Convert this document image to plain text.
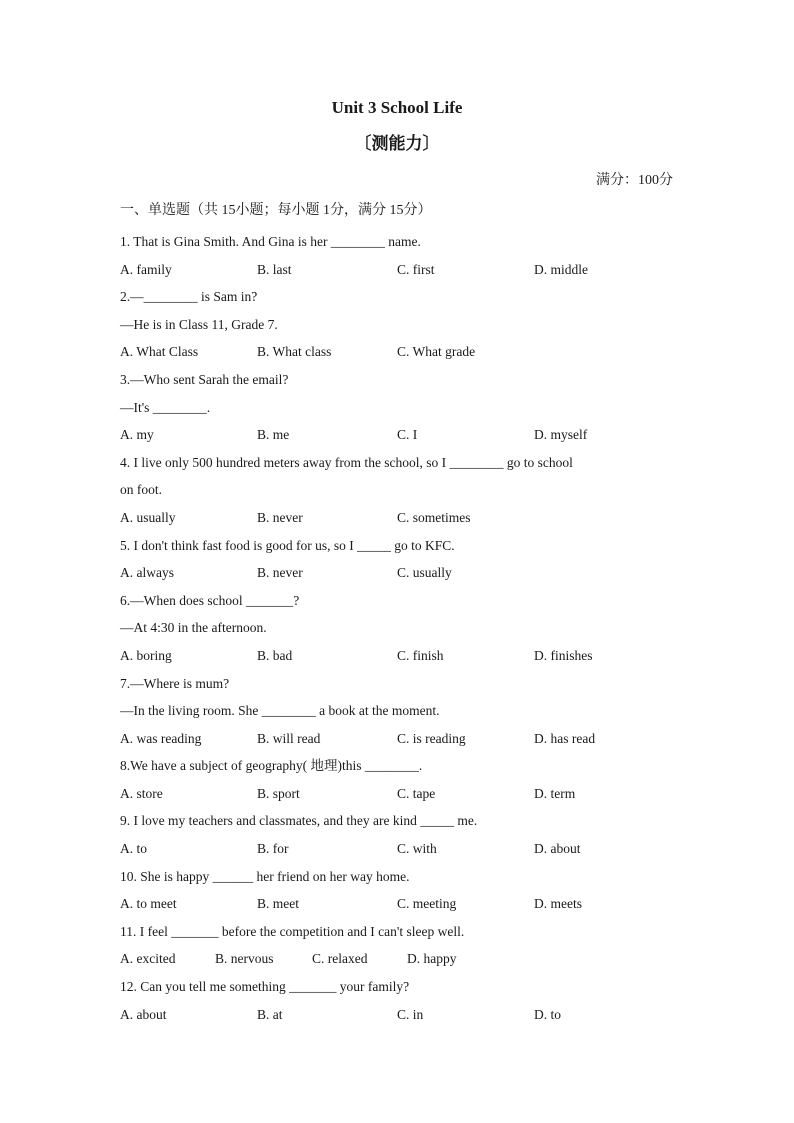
Unit 3 School Life
〔测能力〕
满分：100分
一、单选题（共 15小题；每小题 1分，满分 15分）
1. That is Gina Smith. And Gina is her ________ name.
A. family	B. last	C. first	D. middle
2.—________ is Sam in?
—He is in Class 11, Grade 7.
A. What Class	B. What class	C. What grade
3.—Who sent Sarah the email?
—It's ________.
A. my	B. me	C. I	D. myself
4. I live only 500 hundred meters away from the school, so I ________ go to school
on foot.
A. usually	B. never	C. sometimes
5. I don't think fast food is good for us, so I _____ go to KFC.
A. always	B. never	C. usually
6.—When does school _______?
—At 4:30 in the afternoon.
A. boring	B. bad	C. finish	D. finishes
7.—Where is mum?
—In the living room. She ________ a book at the moment.
A. was reading	B. will read	C. is reading	D. has read
8.We have a subject of geography( 地理)this ________.
A. store	B. sport	C. tape	D. term
9. I love my teachers and classmates, and they are kind _____ me.
A. to	B. for	C. with	D. about
10. She is happy ______ her friend on her way home.
A. to meet	B. meet	C. meeting	D. meets
11. I feel _______ before the competition and I can't sleep well.
A. excited	B. nervous	C. relaxed	D. happy
12. Can you tell me something _______ your family?
A. about	B. at	C. in	D. to
